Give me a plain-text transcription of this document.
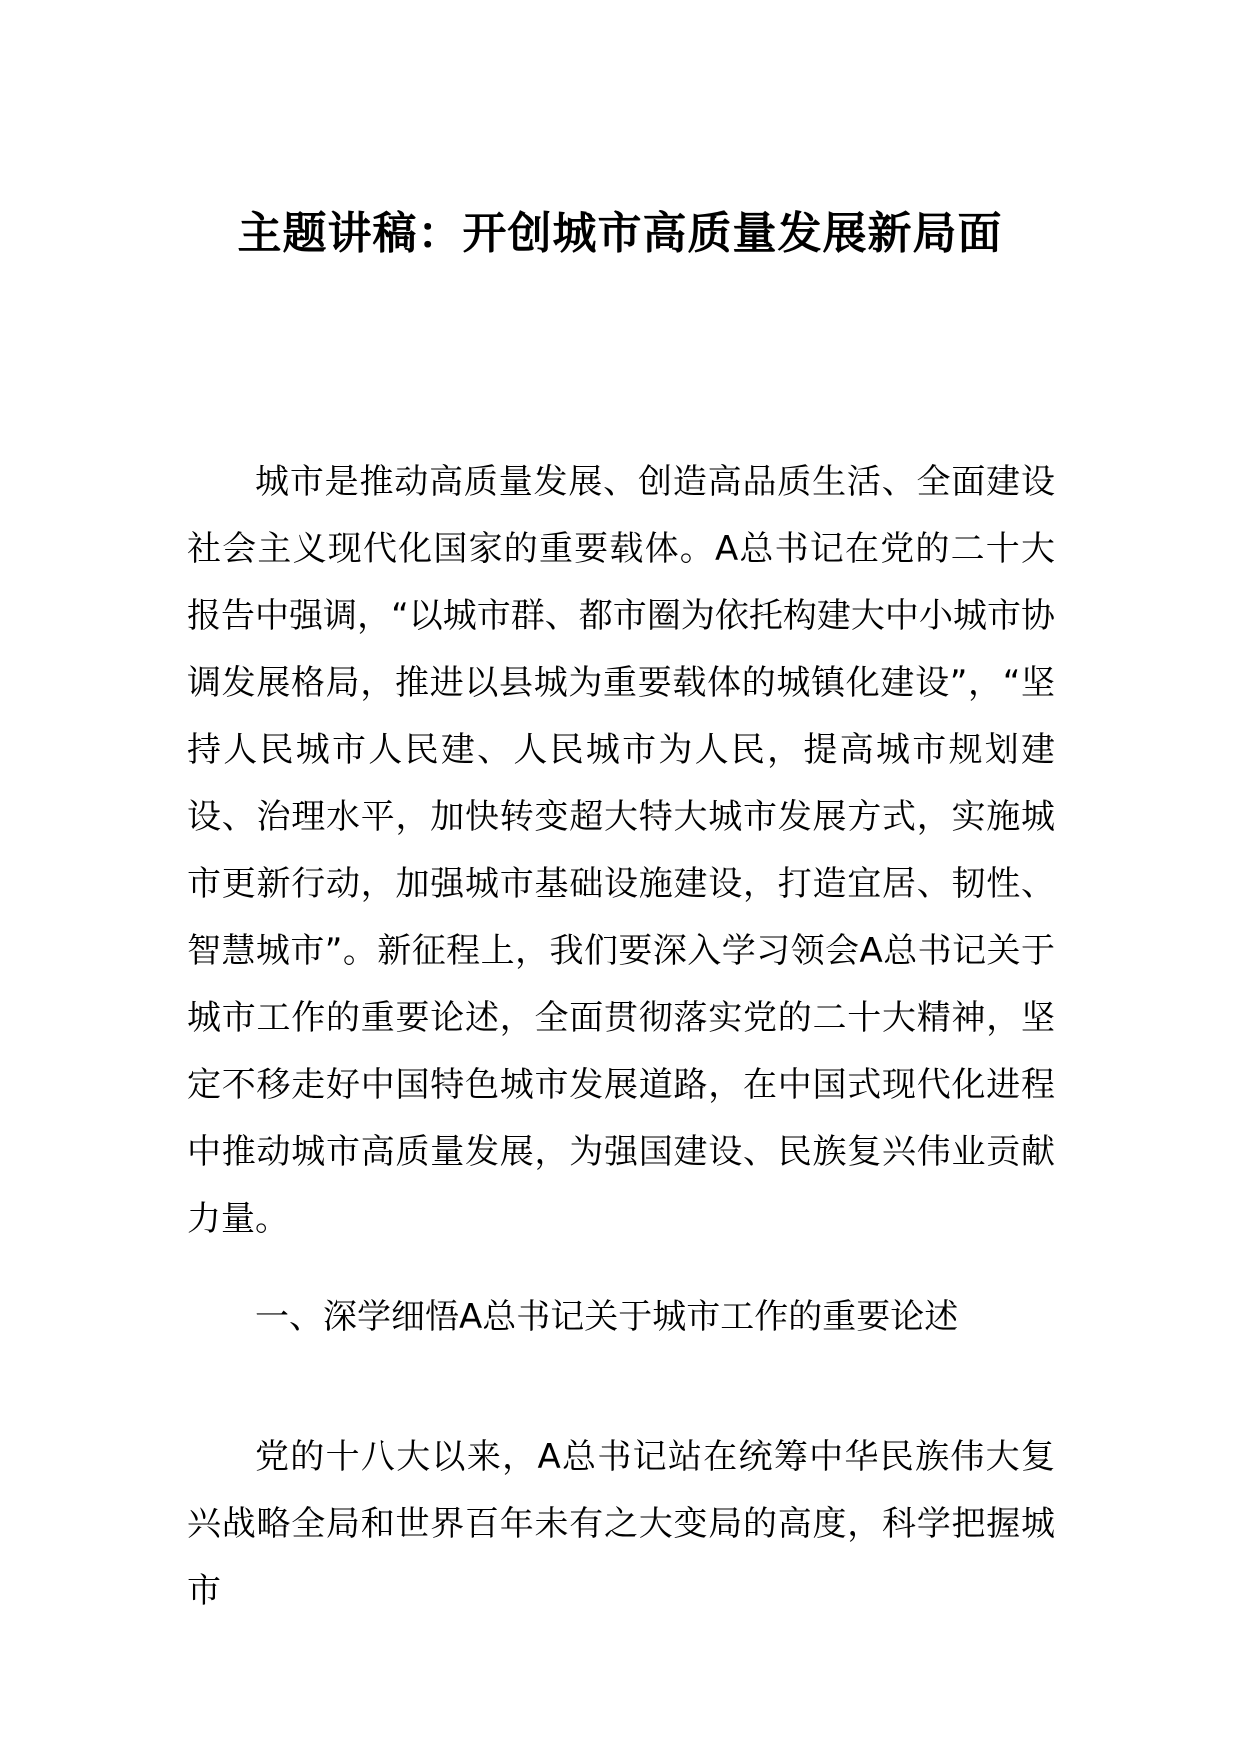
主题讲稿：开创城市高质量发展新局面

城市是推动高质量发展、创造高品质生活、全面建设社会主义现代化国家的重要载体。A总书记在党的二十大报告中强调，“以城市群、都市圈为依托构建大中小城市协调发展格局，推进以县城为重要载体的城镇化建设”，“坚持人民城市人民建、人民城市为人民，提高城市规划建设、治理水平，加快转变超大特大城市发展方式，实施城市更新行动，加强城市基础设施建设，打造宜居、韧性、智慧城市”。新征程上，我们要深入学习领会A总书记关于城市工作的重要论述，全面贯彻落实党的二十大精神，坚定不移走好中国特色城市发展道路，在中国式现代化进程中推动城市高质量发展，为强国建设、民族复兴伟业贡献力量。

一、深学细悟A总书记关于城市工作的重要论述

党的十八大以来，A总书记站在统筹中华民族伟大复兴战略全局和世界百年未有之大变局的高度，科学把握城市
